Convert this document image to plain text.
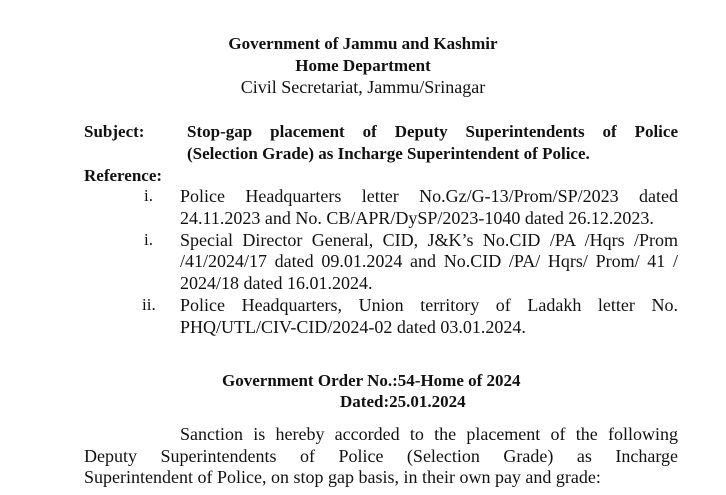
Government of Jammu and Kashmir
Home Department
Civil Secretariat, Jammu/Srinagar
Subject:	Stop-gap placement of Deputy Superintendents of Police
(Selection Grade) as Incharge Superintendent of Police.
Reference:
i. Police Headquarters letter No.Gz/G-13/Prom/SP/2023 dated
24.11.2023 and No. CB/APR/DySP/2023-1040 dated 26.12.2023.
i. Special Director General, CID, J&K’s No.CID /PA /Hqrs /Prom
/41/2024/17 dated 09.01.2024 and No.CID /PA/ Hqrs/ Prom/ 41 /
2024/18 dated 16.01.2024.
ii. Police Headquarters, Union territory of Ladakh letter No.
PHQ/UTL/CIV-CID/2024-02 dated 03.01.2024.
Government Order No.:54-Home of 2024
Dated:25.01.2024
Sanction is hereby accorded to the placement of the following
Deputy Superintendents of Police (Selection Grade) as Incharge
Superintendent of Police, on stop gap basis, in their own pay and grade:
